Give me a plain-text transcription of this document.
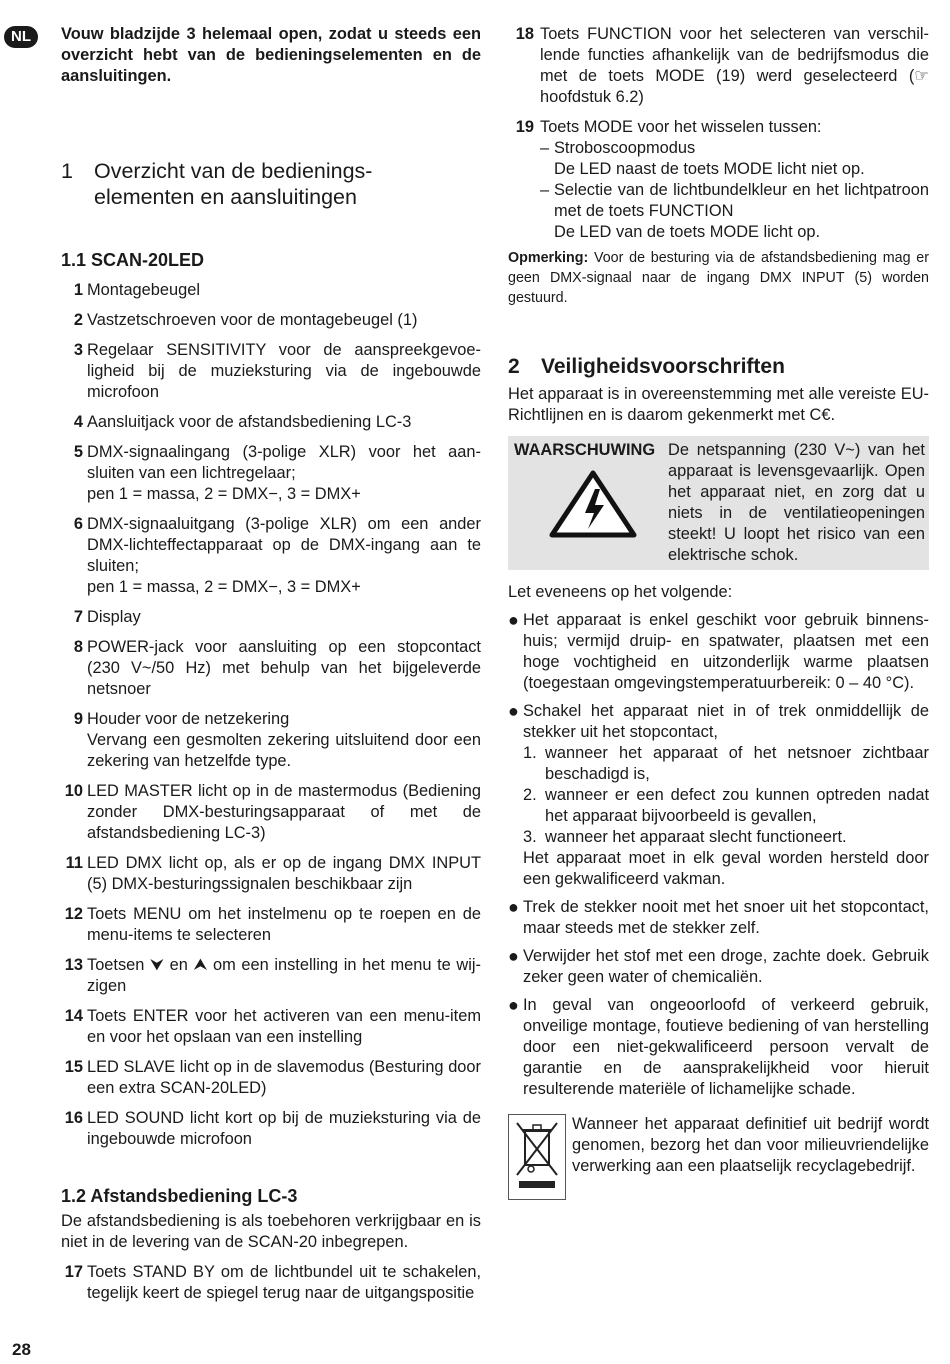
NL	Vouw bladzijde 3 helemaal open, zodat u steeds een overzicht hebt van de bedieningselementen en de aansluitingen.

1 Overzicht van de bedienings- elementen en aansluitingen
1.1 SCAN-20LED
1 Montagebeugel
2 Vastzetschroeven voor de montagebeugel (1)
3 Regelaar SENSITIVITY voor de aanspreekgevoeligheid bij de muzieksturing via de ingebouwde microfoon
4 Aansluitjack voor de afstandsbediening LC-3
5 DMX-signaalingang (3-polige XLR) voor het aansluiten van een lichtregelaar;
pen 1 = massa, 2 = DMX−, 3 = DMX+
6 DMX-signaaluitgang (3-polige XLR) om een ander DMX-lichteffectapparaat op de DMX-ingang aan te sluiten;
pen 1 = massa, 2 = DMX−, 3 = DMX+
7 Display
8 POWER-jack voor aansluiting op een stopcontact (230 V~/50 Hz) met behulp van het bijgeleverde netsnoer
9 Houder voor de netzekering
Vervang een gesmolten zekering uitsluitend door een zekering van hetzelfde type.
10 LED MASTER licht op in de mastermodus (Bediening zonder DMX-besturingsapparaat of met de afstandsbediening LC-3)
11 LED DMX licht op, als er op de ingang DMX INPUT (5) DMX-besturingssignalen beschikbaar zijn
12 Toets MENU om het instelmenu op te roepen en de menu-items te selecteren
13 Toetsen ⮟ en ⮝ om een instelling in het menu te wijzigen
14 Toets ENTER voor het activeren van een menu-item en voor het opslaan van een instelling
15 LED SLAVE licht op in de slavemodus (Besturing door een extra SCAN-20LED)
16 LED SOUND licht kort op bij de muzieksturing via de ingebouwde microfoon
1.2 Afstandsbediening LC-3

De afstandsbediening is als toebehoren verkrijgbaar en is niet in de levering van de SCAN-20 inbegrepen.

17 Toets STAND BY om de lichtbundel uit te schakelen, tegelijk keert de spiegel terug naar de uitgangspositie
18 Toets FUNCTION voor het selecteren van verschillende functies afhankelijk van de bedrijfsmodus die met de toets MODE (19) werd geselecteerd (☞ hoofdstuk 6.2)
19 Toets MODE voor het wisselen tussen:
– Stroboscoopmodus
De LED naast de toets MODE licht niet op.
– Selectie van de lichtbundelkleur en het lichtpatroon met de toets FUNCTION
De LED van de toets MODE licht op.

Opmerking: Voor de besturing via de afstandsbediening mag er geen DMX-signaal naar de ingang DMX INPUT (5) worden gestuurd.

2 Veiligheidsvoorschriften

Het apparaat is in overeenstemming met alle vereiste EU-Richtlijnen en is daarom gekenmerkt met C€.

WAARSCHUWING De netspanning (230 V~) van het apparaat is levensgevaarlijk. Open het apparaat niet, en zorg dat u niets in de ventilatieopeningen steekt! U loopt het risico van een elektrische schok.

Let eveneens op het volgende:

● Het apparaat is enkel geschikt voor gebruik binnenshuis; vermijd druip- en spatwater, plaatsen met een hoge vochtigheid en uitzonderlijk warme plaatsen (toegestaan omgevingstemperatuurbereik: 0 – 40 °C).
● Schakel het apparaat niet in of trek onmiddellijk de stekker uit het stopcontact,
1. wanneer het apparaat of het netsnoer zichtbaar beschadigd is,
2. wanneer er een defect zou kunnen optreden nadat het apparaat bijvoorbeeld is gevallen,
3. wanneer het apparaat slecht functioneert.
Het apparaat moet in elk geval worden hersteld door een gekwalificeerd vakman.
● Trek de stekker nooit met het snoer uit het stopcontact, maar steeds met de stekker zelf.
● Verwijder het stof met een droge, zachte doek. Gebruik zeker geen water of chemicaliën.
● In geval van ongeoorloofd of verkeerd gebruik, onveilige montage, foutieve bediening of van herstelling door een niet-gekwalificeerd persoon vervalt de garantie en de aansprakelijkheid voor hieruit resulterende materiële of lichamelijke schade.
Wanneer het apparaat definitief uit bedrijf wordt genomen, bezorg het dan voor milieuvriendelijke verwerking aan een plaatselijk recyclagebedrijf.
28
